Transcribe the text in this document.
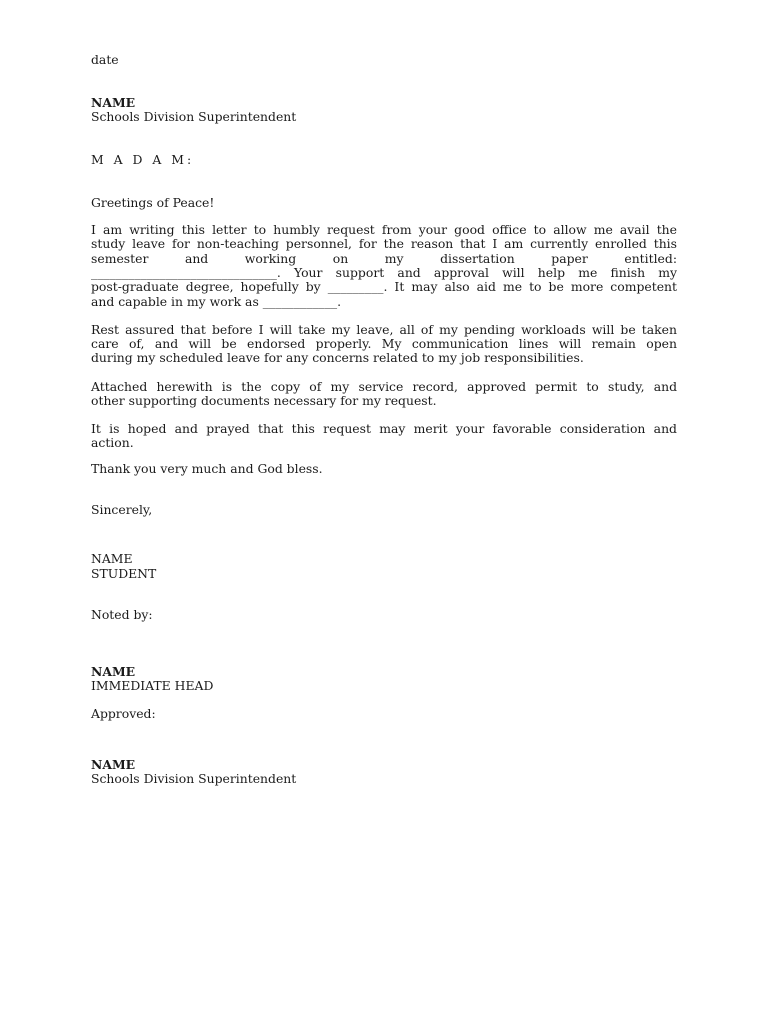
date
NAME
Schools Division Superintendent
M A D A M:
Greetings of Peace!

I am writing this letter to humbly request from your good office to allow me avail the

study leave for non-teaching personnel, for the reason that I am currently enrolled this

semester and working on my dissertation paper entitled:

______________________________. Your support and approval will help me finish my

post-graduate degree, hopefully by _________. It may also aid me to be more competent

and capable in my work as ____________.

Rest assured that before I will take my leave, all of my pending workloads will be taken

care of, and will be endorsed properly. My communication lines will remain open

during my scheduled leave for any concerns related to my job responsibilities.

Attached herewith is the copy of my service record, approved permit to study, and

other supporting documents necessary for my request.

It is hoped and prayed that this request may merit your favorable consideration and

action.

Thank you very much and God bless.
Sincerely,
NAME
STUDENT
Noted by:
NAME
IMMEDIATE HEAD
Approved:
NAME
Schools Division Superintendent
